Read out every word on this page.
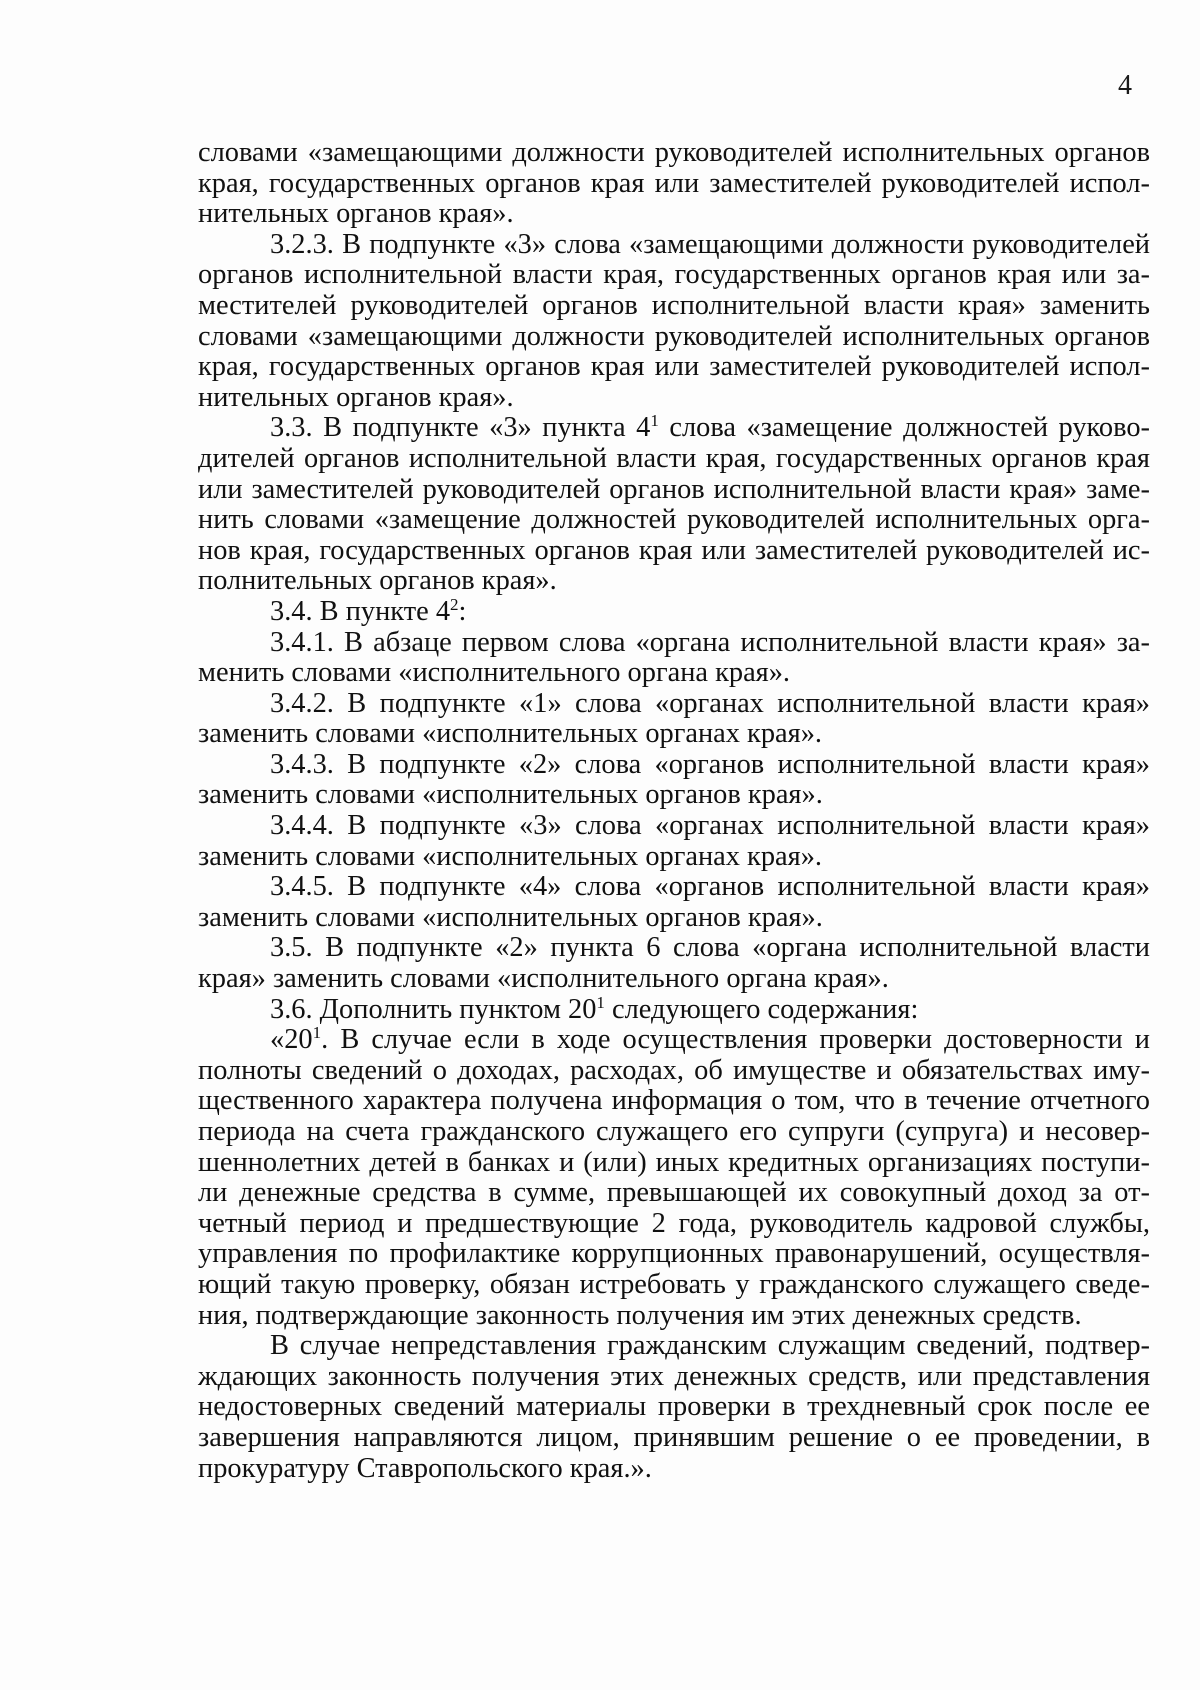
4

словами «замещающими должности руководителей исполнительных органов края, государственных органов края или заместителей руководителей исполнительных органов края».

3.2.3. В подпункте «3» слова «замещающими должности руководителей органов исполнительной власти края, государственных органов края или заместителей руководителей органов исполнительной власти края» заменить словами «замещающими должности руководителей исполнительных органов края, государственных органов края или заместителей руководителей исполнительных органов края».

3.3. В подпункте «3» пункта $4^1$ слова «замещение должностей руководителей органов исполнительной власти края, государственных органов края или заместителей руководителей органов исполнительной власти края» заменить словами «замещение должностей руководителей исполнительных органов края, государственных органов края или заместителей руководителей исполнительных органов края».

3.4. В пункте $4^2$:

3.4.1. В абзаце первом слова «органа исполнительной власти края» заменить словами «исполнительного органа края».

3.4.2. В подпункте «1» слова «органах исполнительной власти края» заменить словами «исполнительных органах края».

3.4.3. В подпункте «2» слова «органов исполнительной власти края» заменить словами «исполнительных органов края».

3.4.4. В подпункте «3» слова «органах исполнительной власти края» заменить словами «исполнительных органах края».

3.4.5. В подпункте «4» слова «органов исполнительной власти края» заменить словами «исполнительных органов края».

3.5. В подпункте «2» пункта 6 слова «органа исполнительной власти края» заменить словами «исполнительного органа края».

3.6. Дополнить пунктом $20^1$ следующего содержания:

«$20^1$. В случае если в ходе осуществления проверки достоверности и полноты сведений о доходах, расходах, об имуществе и обязательствах имущественного характера получена информация о том, что в течение отчетного периода на счета гражданского служащего его супруги (супруга) и несовершеннолетних детей в банках и (или) иных кредитных организациях поступили денежные средства в сумме, превышающей их совокупный доход за отчетный период и предшествующие 2 года, руководитель кадровой службы, управления по профилактике коррупционных правонарушений, осуществляющий такую проверку, обязан истребовать у гражданского служащего сведения, подтверждающие законность получения им этих денежных средств.

В случае непредставления гражданским служащим сведений, подтверждающих законность получения этих денежных средств, или представления недостоверных сведений материалы проверки в трехдневный срок после ее завершения направляются лицом, принявшим решение о ее проведении, в прокуратуру Ставропольского края.».
